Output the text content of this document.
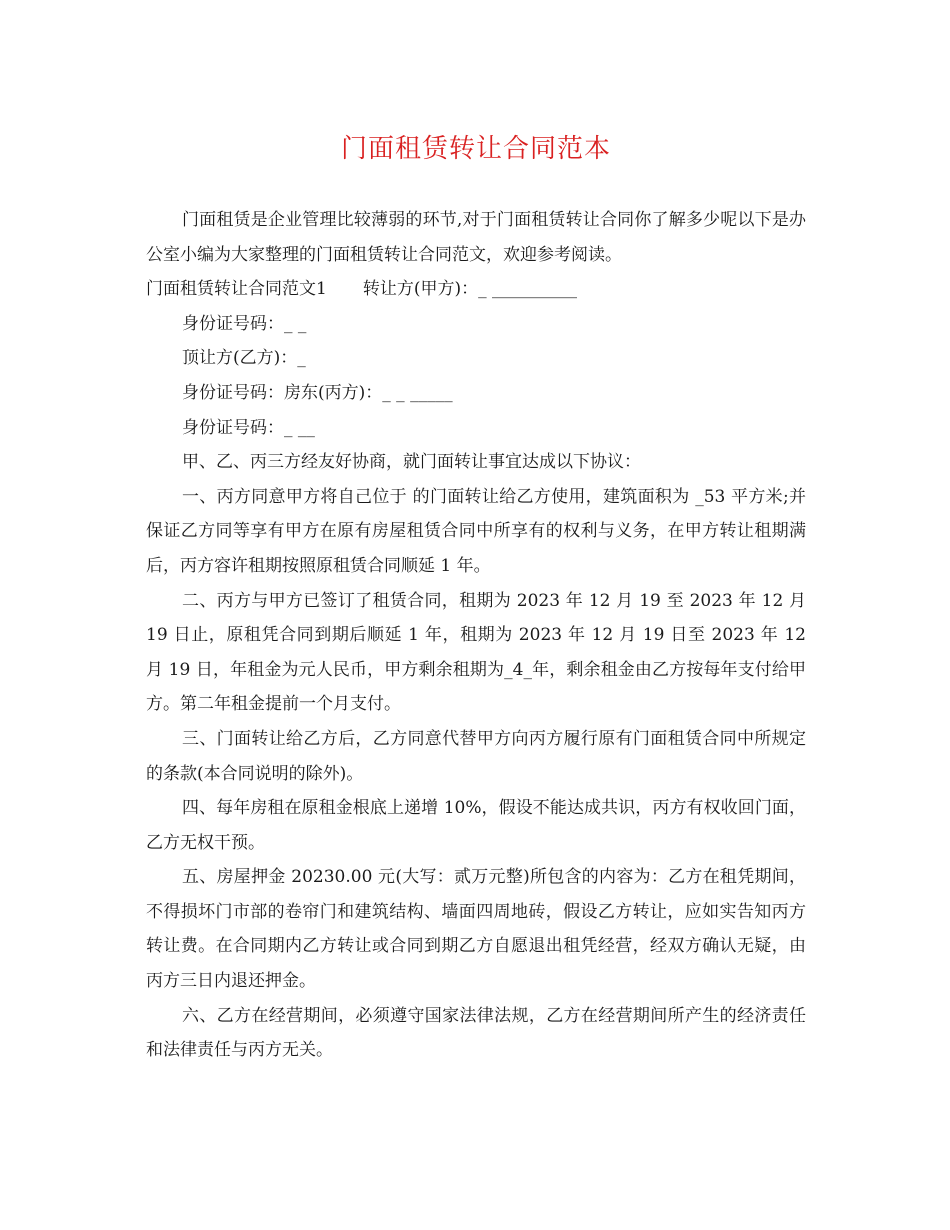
门面租赁转让合同范本

门面租赁是企业管理比较薄弱的环节,对于门面租赁转让合同你了解多少呢以下是办公室小编为大家整理的门面租赁转让合同范文，欢迎参考阅读。

门面租赁转让合同范文1 转让方(甲方)：_ __________

身份证号码：_ _

顶让方(乙方)：_

身份证号码：房东(丙方)：_ _ _____

身份证号码：_ __

甲、乙、丙三方经友好协商，就门面转让事宜达成以下协议：

一、丙方同意甲方将自己位于 的门面转让给乙方使用，建筑面积为 _53 平方米;并保证乙方同等享有甲方在原有房屋租赁合同中所享有的权利与义务，在甲方转让租期满后，丙方容许租期按照原租赁合同顺延 1 年。

二、丙方与甲方已签订了租赁合同，租期为 2023 年 12 月 19 至 2023 年 12 月 19 日止，原租凭合同到期后顺延 1 年，租期为 2023 年 12 月 19 日至 2023 年 12 月 19 日，年租金为元人民币，甲方剩余租期为_4_年，剩余租金由乙方按每年支付给甲方。第二年租金提前一个月支付。

三、门面转让给乙方后，乙方同意代替甲方向丙方履行原有门面租赁合同中所规定的条款(本合同说明的除外)。

四、每年房租在原租金根底上递增 10%，假设不能达成共识，丙方有权收回门面，乙方无权干预。

五、房屋押金 20230.00 元(大写：贰万元整)所包含的内容为：乙方在租凭期间，不得损坏门市部的卷帘门和建筑结构、墙面四周地砖，假设乙方转让，应如实告知丙方转让费。在合同期内乙方转让或合同到期乙方自愿退出租凭经营，经双方确认无疑，由丙方三日内退还押金。

六、乙方在经营期间，必须遵守国家法律法规，乙方在经营期间所产生的经济责任和法律责任与丙方无关。
